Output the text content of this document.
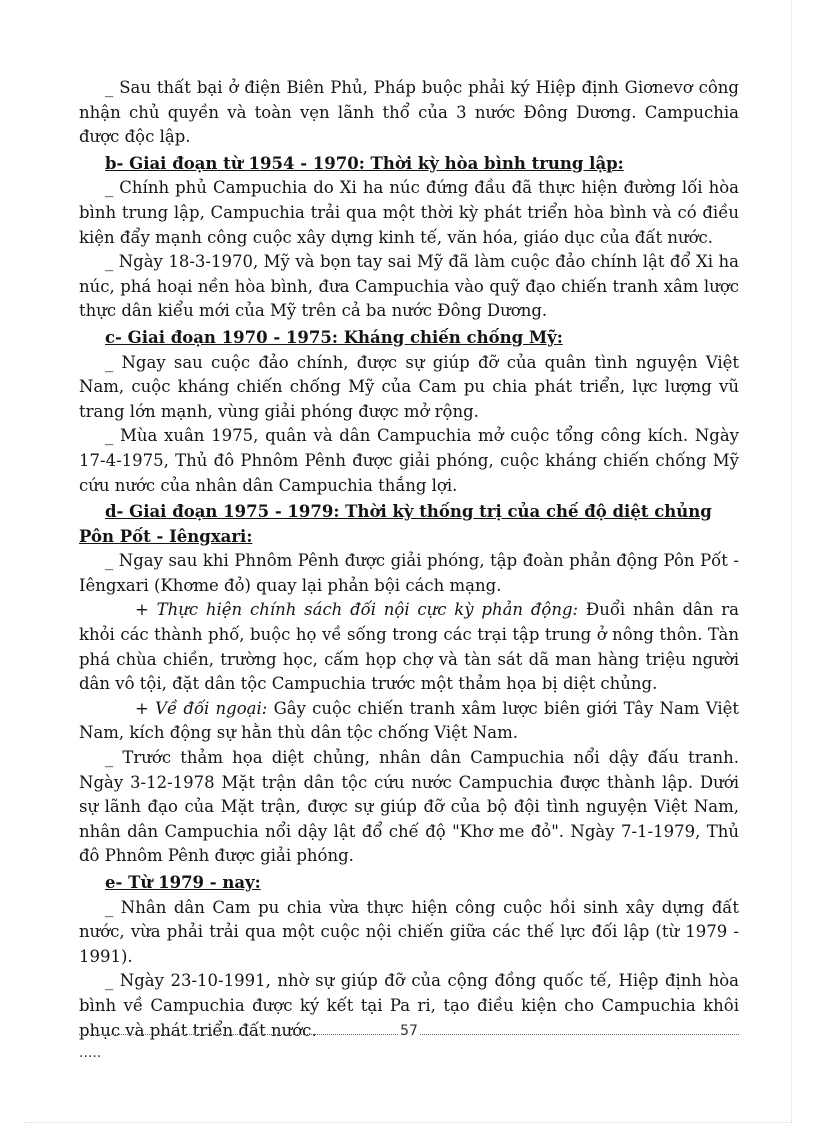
_ Sau thất bại ở điện Biên Phủ, Pháp buộc phải ký Hiệp định Giơnevơ công nhận chủ quyền và toàn vẹn lãnh thổ của 3 nước Đông Dương. Campuchia được độc lập.

b- Giai đoạn từ 1954 - 1970: Thời kỳ hòa bình trung lập:

_ Chính phủ Campuchia do Xi ha núc đứng đầu đã thực hiện đường lối hòa bình trung lập, Campuchia trải qua một thời kỳ phát triển hòa bình và có điều kiện đẩy mạnh công cuộc xây dựng kinh tế, văn hóa, giáo dục của đất nước.

_ Ngày 18-3-1970, Mỹ và bọn tay sai Mỹ đã làm cuộc đảo chính lật đổ Xi ha núc, phá hoại nền hòa bình, đưa Campuchia vào quỹ đạo chiến tranh xâm lược thực dân kiểu mới của Mỹ trên cả ba nước Đông Dương.

c- Giai đoạn 1970 - 1975: Kháng chiến chống Mỹ:

_ Ngay sau cuộc đảo chính, được sự giúp đỡ của quân tình nguyện Việt Nam, cuộc kháng chiến chống Mỹ của Cam pu chia phát triển, lực lượng vũ trang lớn mạnh, vùng giải phóng được mở rộng.

_ Mùa xuân 1975, quân và dân Campuchia mở cuộc tổng công kích. Ngày 17-4-1975, Thủ đô Phnôm Pênh được giải phóng, cuộc kháng chiến chống Mỹ cứu nước của nhân dân Campuchia thắng lợi.

d- Giai đoạn 1975 - 1979: Thời kỳ thống trị của chế độ diệt chủng Pôn Pốt - Iêngxari:

_ Ngay sau khi Phnôm Pênh được giải phóng, tập đoàn phản động Pôn Pốt - Iêngxari (Khơme đỏ) quay lại phản bội cách mạng.

+ Thực hiện chính sách đối nội cực kỳ phản động: Đuổi nhân dân ra khỏi các thành phố, buộc họ về sống trong các trại tập trung ở nông thôn. Tàn phá chùa chiền, trường học, cấm họp chợ và tàn sát dã man hàng triệu người dân vô tội, đặt dân tộc Campuchia trước một thảm họa bị diệt chủng.

+ Về đối ngoại: Gây cuộc chiến tranh xâm lược biên giới Tây Nam Việt Nam, kích động sự hằn thù dân tộc chống Việt Nam.

_ Trước thảm họa diệt chủng, nhân dân Campuchia nổi dậy đấu tranh. Ngày 3-12-1978 Mặt trận dân tộc cứu nước Campuchia được thành lập. Dưới sự lãnh đạo của Mặt trận, được sự giúp đỡ của bộ đội tình nguyện Việt Nam, nhân dân Campuchia nổi dậy lật đổ chế độ "Khơ me đỏ". Ngày 7-1-1979, Thủ đô Phnôm Pênh được giải phóng.

e- Từ 1979 - nay:

_ Nhân dân Cam pu chia vừa thực hiện công cuộc hồi sinh xây dựng đất nước, vừa phải trải qua một cuộc nội chiến giữa các thế lực đối lập (từ 1979 - 1991).

_ Ngày 23-10-1991, nhờ sự giúp đỡ của cộng đồng quốc tế, Hiệp định hòa bình về Campuchia được ký kết tại Pa ri, tạo điều kiện cho Campuchia khôi phục và phát triển đất nước.	57
.....
